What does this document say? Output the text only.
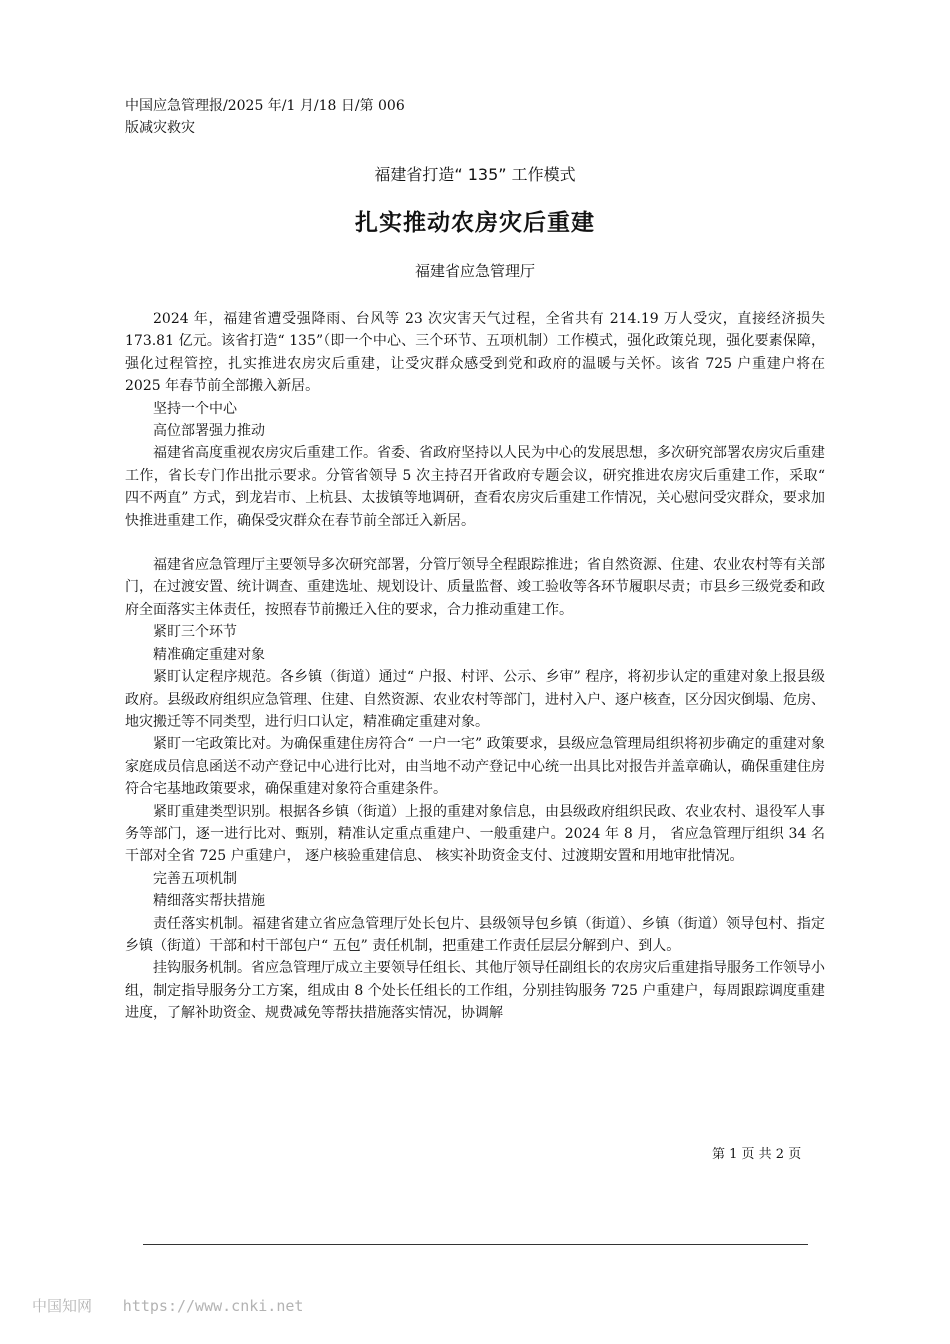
中国应急管理报/2025 年/1 月/18 日/第 006
版减灾救灾
福建省打造“ 135” 工作模式
扎实推动农房灾后重建
福建省应急管理厅

2024 年，福建省遭受强降雨、台风等 23 次灾害天气过程，全省共有 214.19 万人受灾，直接经济损失 173.81 亿元。该省打造“ 135”（即一个中心、三个环节、五项机制）工作模式，强化政策兑现，强化要素保障，强化过程管控，扎实推进农房灾后重建，让受灾群众感受到党和政府的温暖与关怀。该省 725 户重建户将在 2025 年春节前全部搬入新居。

坚持一个中心

高位部署强力推动

福建省高度重视农房灾后重建工作。省委、省政府坚持以人民为中心的发展思想，多次研究部署农房灾后重建工作，省长专门作出批示要求。分管省领导 5 次主持召开省政府专题会议，研究推进农房灾后重建工作，采取“ 四不两直” 方式，到龙岩市、上杭县、太拔镇等地调研，查看农房灾后重建工作情况，关心慰问受灾群众，要求加快推进重建工作，确保受灾群众在春节前全部迁入新居。

福建省应急管理厅主要领导多次研究部署，分管厅领导全程跟踪推进；省自然资源、住建、农业农村等有关部门，在过渡安置、统计调查、重建选址、规划设计、质量监督、竣工验收等各环节履职尽责；市县乡三级党委和政府全面落实主体责任，按照春节前搬迁入住的要求，合力推动重建工作。

紧盯三个环节

精准确定重建对象

紧盯认定程序规范。各乡镇（街道）通过“ 户报、村评、公示、乡审” 程序，将初步认定的重建对象上报县级政府。县级政府组织应急管理、住建、自然资源、农业农村等部门，进村入户、逐户核查，区分因灾倒塌、危房、地灾搬迁等不同类型，进行归口认定，精准确定重建对象。

紧盯一宅政策比对。为确保重建住房符合“ 一户一宅” 政策要求，县级应急管理局组织将初步确定的重建对象家庭成员信息函送不动产登记中心进行比对，由当地不动产登记中心统一出具比对报告并盖章确认，确保重建住房符合宅基地政策要求，确保重建对象符合重建条件。

紧盯重建类型识别。根据各乡镇（街道）上报的重建对象信息，由县级政府组织民政、农业农村、退役军人事务等部门，逐一进行比对、甄别，精准认定重点重建户、一般重建户。2024 年 8 月， 省应急管理厅组织 34 名干部对全省 725 户重建户， 逐户核验重建信息、 核实补助资金支付、过渡期安置和用地审批情况。

完善五项机制

精细落实帮扶措施

责任落实机制。福建省建立省应急管理厅处长包片、县级领导包乡镇（街道）、乡镇（街道）领导包村、指定乡镇（街道）干部和村干部包户“ 五包” 责任机制，把重建工作责任层层分解到户、到人。

挂钩服务机制。省应急管理厅成立主要领导任组长、其他厅领导任副组长的农房灾后重建指导服务工作领导小组，制定指导服务分工方案，组成由 8 个处长任组长的工作组，分别挂钩服务 725 户重建户，每周跟踪调度重建进度，了解补助资金、规费减免等帮扶措施落实情况，协调解

第 1 页 共 2 页
中国知网 https://www.cnki.net
